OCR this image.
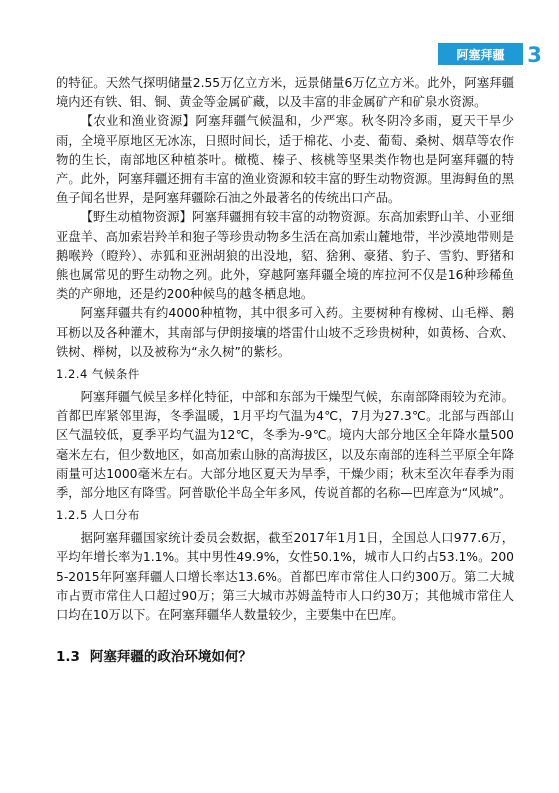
阿塞拜疆	3

的特征。天然气探明储量2.55万亿立方米，远景储量6万亿立方米。此外，阿塞拜疆境内还有铁、钼、铜、黄金等金属矿藏，以及丰富的非金属矿产和矿泉水资源。

【农业和渔业资源】阿塞拜疆气候温和，少严寒。秋冬阴冷多雨，夏天干旱少雨，全境平原地区无冰冻，日照时间长，适于棉花、小麦、葡萄、桑树、烟草等农作物的生长，南部地区种植茶叶。橄榄、榛子、核桃等坚果类作物也是阿塞拜疆的特产。此外，阿塞拜疆还拥有丰富的渔业资源和较丰富的野生动物资源。里海鲟鱼的黑鱼子闻名世界，是阿塞拜疆除石油之外最著名的传统出口产品。

【野生动植物资源】阿塞拜疆拥有较丰富的动物资源。东高加索野山羊、小亚细亚盘羊、高加索岩羚羊和狍子等珍贵动物多生活在高加索山麓地带，半沙漠地带则是鹅喉羚（瞪羚）、赤狐和亚洲胡狼的出没地，貂、猞猁、豪猪、豹子、雪豹、野猪和熊也属常见的野生动物之列。此外，穿越阿塞拜疆全境的库拉河不仅是16种珍稀鱼类的产卵地，还是约200种候鸟的越冬栖息地。

阿塞拜疆共有约4000种植物，其中很多可入药。主要树种有橡树、山毛榉、鹅耳枥以及各种灌木，其南部与伊朗接壤的塔雷什山坡不乏珍贵树种，如黄杨、合欢、铁树、榉树，以及被称为“永久树”的紫杉。

1.2.4 气候条件

阿塞拜疆气候呈多样化特征，中部和东部为干燥型气候，东南部降雨较为充沛。首都巴库紧邻里海，冬季温暖，1月平均气温为4℃，7月为27.3℃。北部与西部山区气温较低，夏季平均气温为12℃，冬季为-9℃。境内大部分地区全年降水量500毫米左右，但少数地区，如高加索山脉的高海拔区，以及东南部的连科兰平原全年降雨量可达1000毫米左右。大部分地区夏天为旱季，干燥少雨；秋末至次年春季为雨季，部分地区有降雪。阿普歇伦半岛全年多风，传说首都的名称—巴库意为“风城”。

1.2.5 人口分布

据阿塞拜疆国家统计委员会数据，截至2017年1月1日，全国总人口977.6万，平均年增长率为1.1%。其中男性49.9%，女性50.1%，城市人口约占53.1%。2005-2015年阿塞拜疆人口增长率达13.6%。首都巴库市常住人口约300万。第二大城市占贾市常住人口超过90万；第三大城市苏姆盖特市人口约30万；其他城市常住人口均在10万以下。在阿塞拜疆华人数量较少，主要集中在巴库。

1.3 阿塞拜疆的政治环境如何？
